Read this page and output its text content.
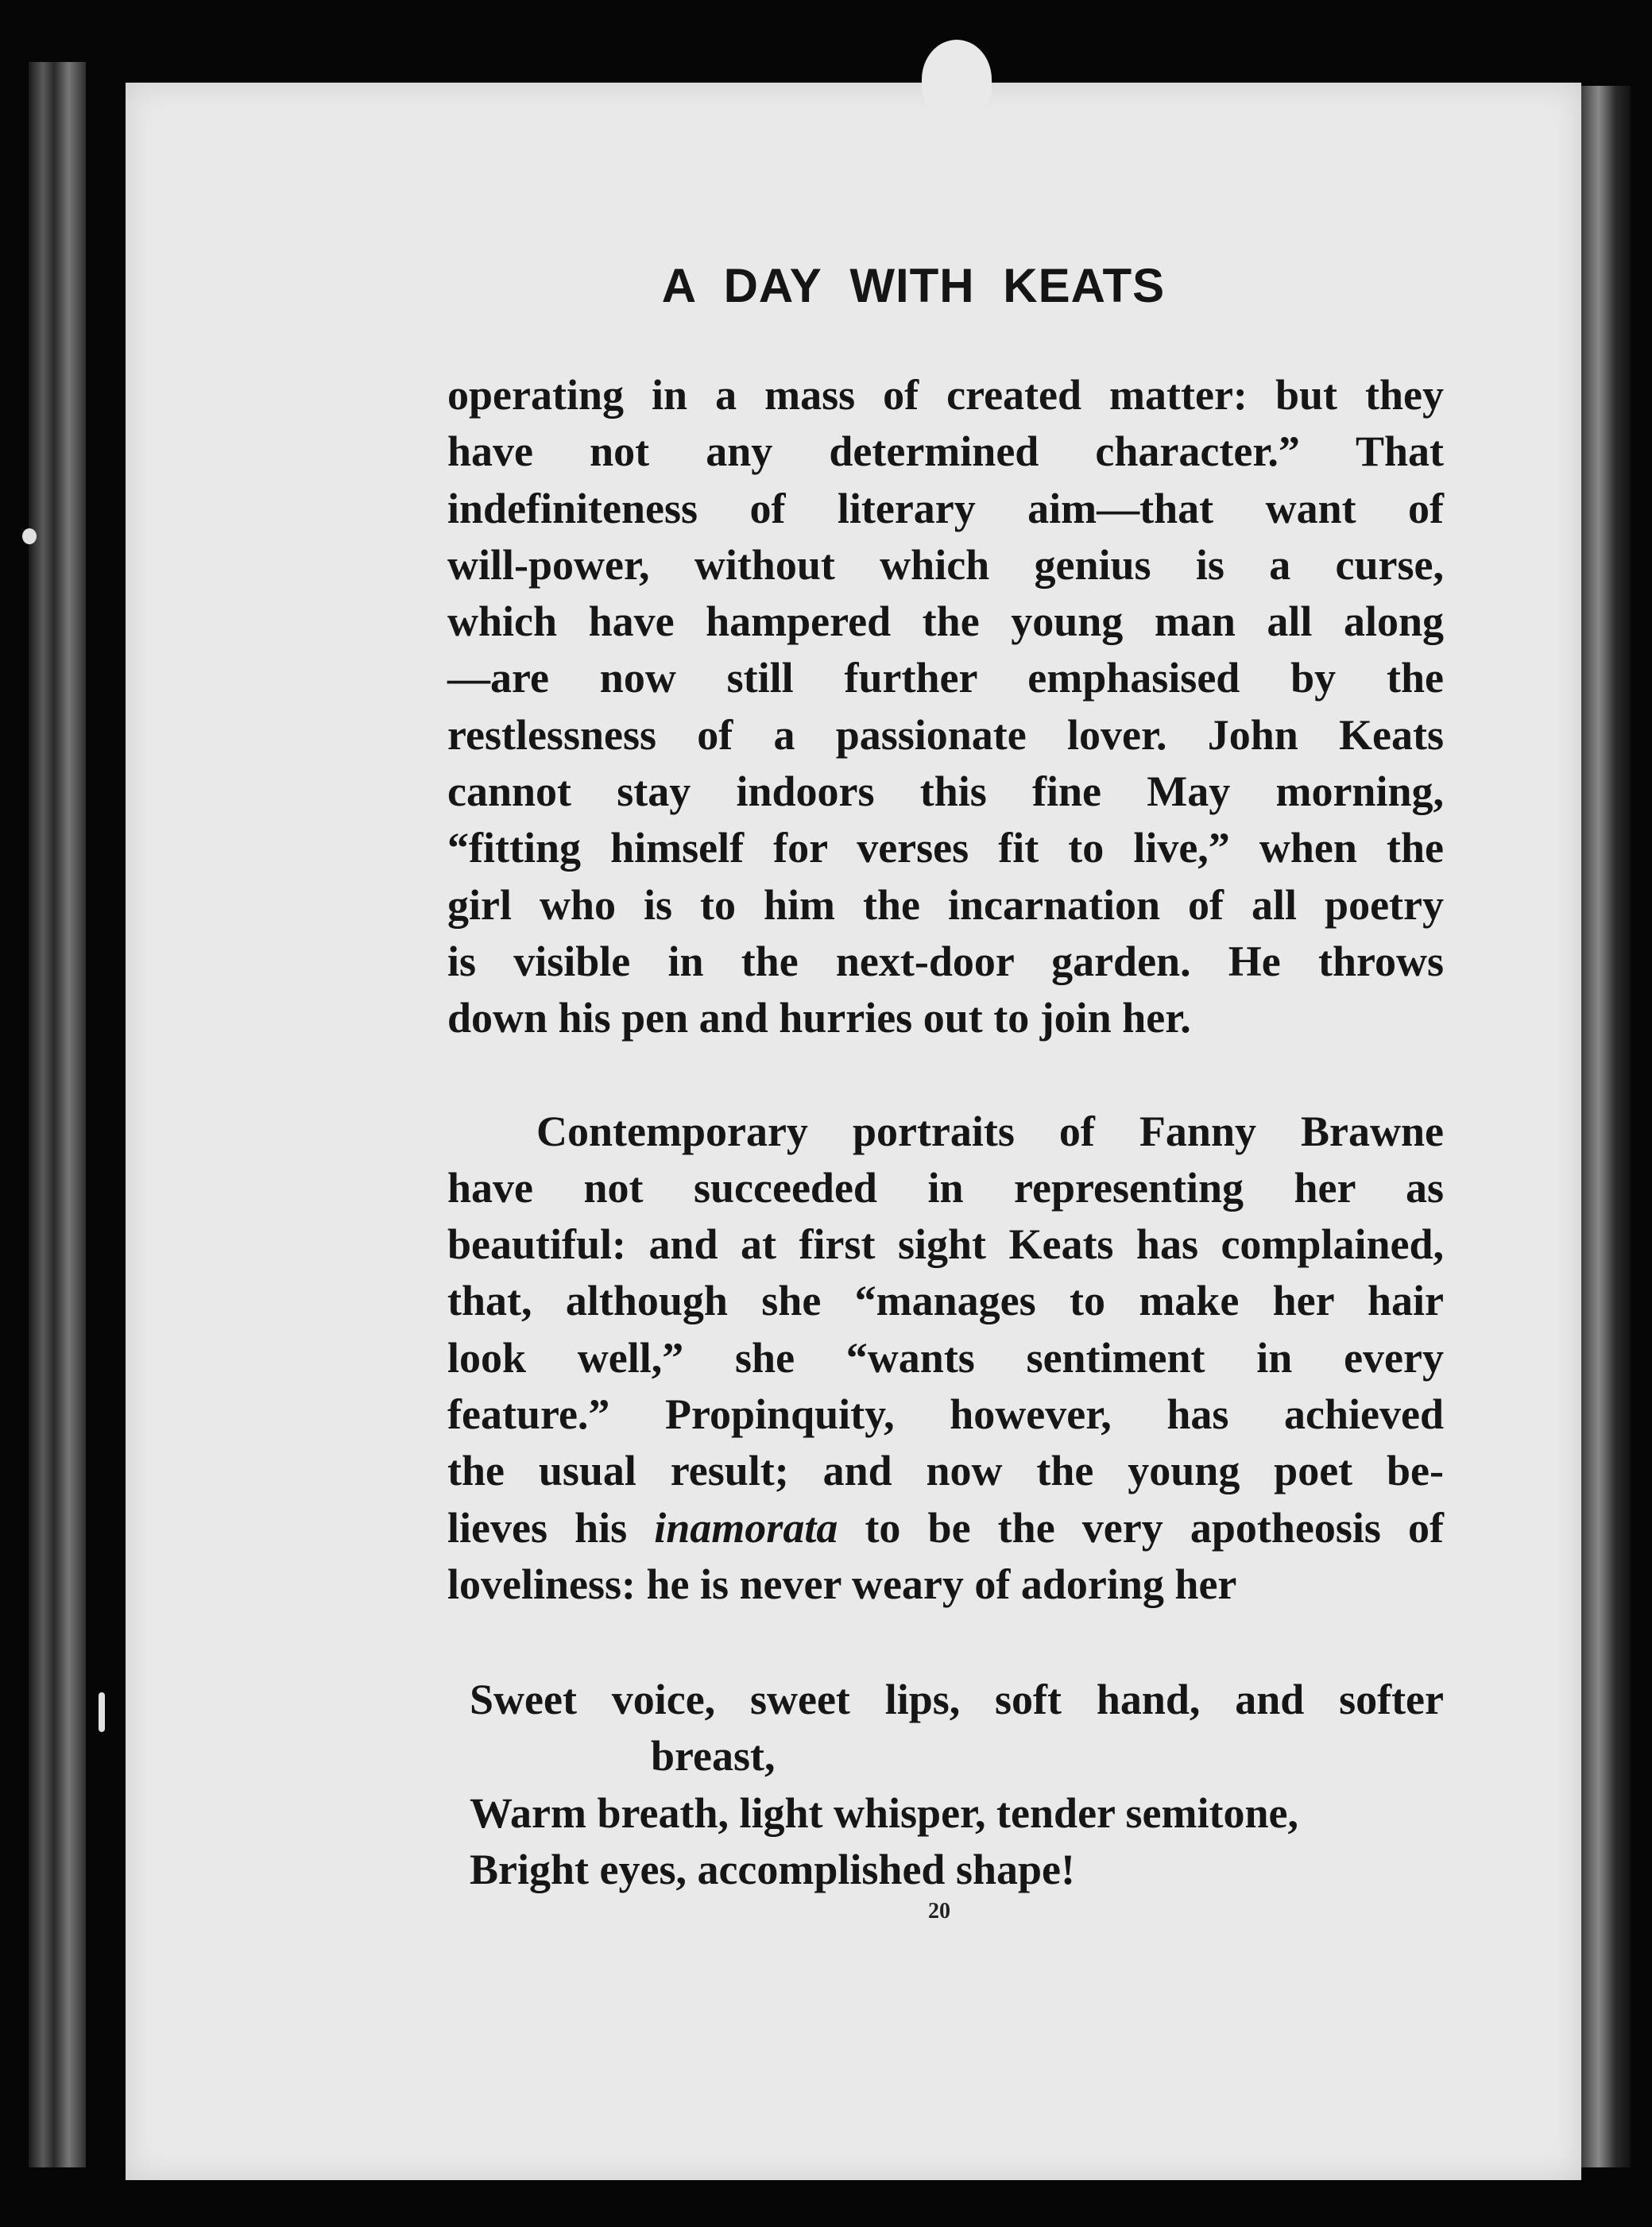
A DAY WITH KEATS
operating in a mass of created matter: but they
have not any determined character.” That
indefiniteness of literary aim—that want of
will-power, without which genius is a curse,
which have hampered the young man all along
—are now still further emphasised by the
restlessness of a passionate lover. John Keats
cannot stay indoors this fine May morning,
“fitting himself for verses fit to live,” when the
girl who is to him the incarnation of all poetry
is visible in the next-door garden. He throws
down his pen and hurries out to join her.
Contemporary portraits of Fanny Brawne
have not succeeded in representing her as
beautiful: and at first sight Keats has complained,
that, although she “manages to make her hair
look well,” she “wants sentiment in every
feature.” Propinquity, however, has achieved
the usual result; and now the young poet be-
lieves his inamorata to be the very apotheosis of
loveliness: he is never weary of adoring her
Sweet voice, sweet lips, soft hand, and softer
breast,
Warm breath, light whisper, tender semitone,
Bright eyes, accomplished shape!
20
